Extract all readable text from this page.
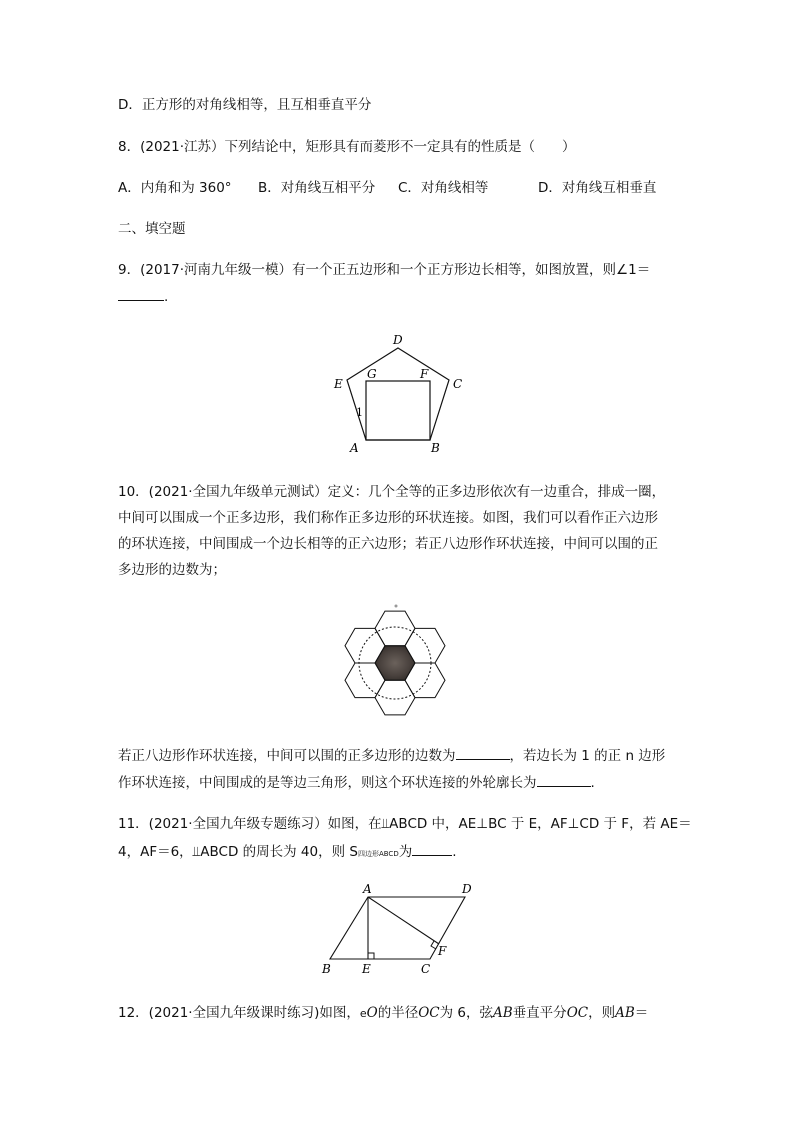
D．正方形的对角线相等，且互相垂直平分
8．(2021·江苏）下列结论中，矩形具有而菱形不一定具有的性质是（　　）
A．内角和为 360° B．对角线互相平分 C．对角线相等	D．对角线互相垂直
二、填空题
9．(2017·河南九年级一模）有一个正五边形和一个正方形边长相等，如图放置，则∠1＝
.
D
E
G	F
C
1
A	B
10．(2021·全国九年级单元测试）定义：几个全等的正多边形依次有一边重合，排成一圈，
中间可以围成一个正多边形，我们称作正多边形的环状连接。如图，我们可以看作正六边形
的环状连接，中间围成一个边长相等的正六边形；若正八边形作环状连接，中间可以围的正
多边形的边数为；
若正八边形作环状连接，中间可以围的正多边形的边数为	，若边长为 1 的正 n 边形
作环状连接，中间围成的是等边三角形，则这个环状连接的外轮廓长为	.
11．(2021·全国九年级专题练习）如图，在⫫ABCD 中，AE⊥BC 于 E，AF⊥CD 于 F，若 AE＝
4，AF＝6，⫫ABCD 的周长为 40，则 S四边形ABCD为	.
A	D
F
B	E	C
12．(2021·全国九年级课时练习)如图，eO的半径OC为 6，弦AB垂直平分OC，则AB＝
